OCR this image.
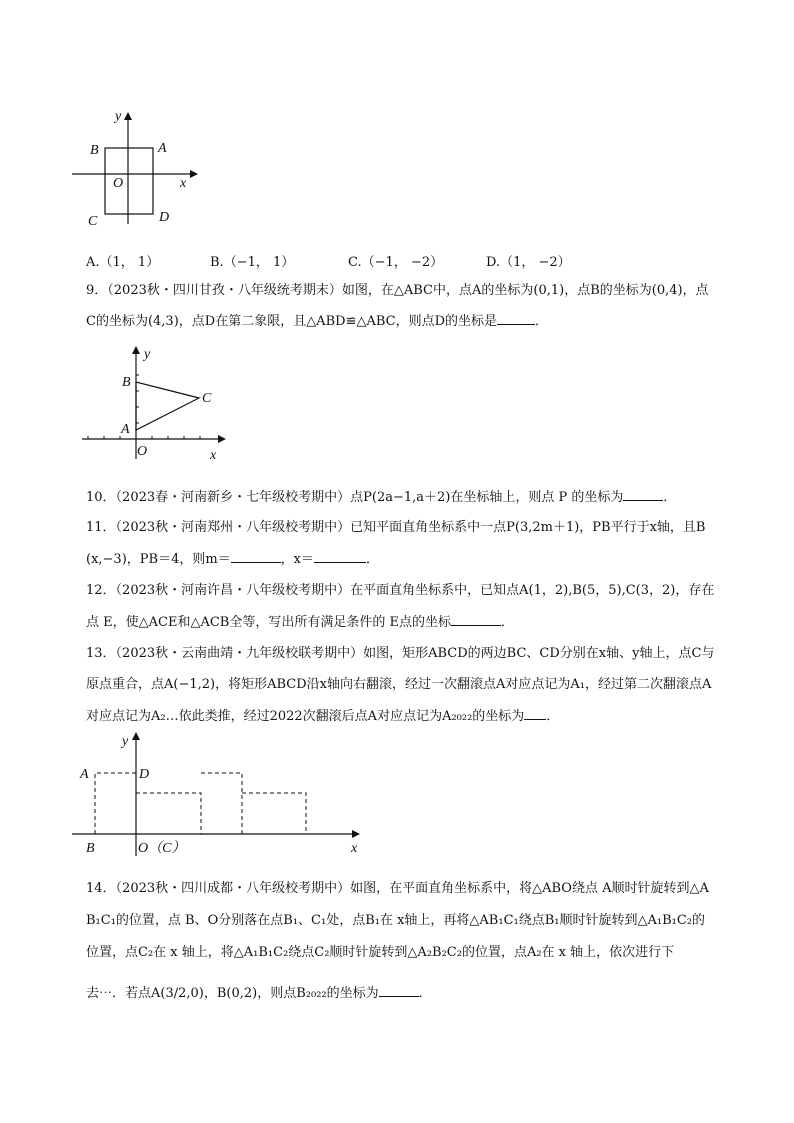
y
x
B	A
O
C	D
A.（1， 1）	B.（−1， 1）	C.（−1， −2）	D.（1， −2）
9．（2023秋・四川甘孜・八年级统考期末）如图，在△ABC中，点A的坐标为(0,1)，点B的坐标为(0,4)，点
C的坐标为(4,3)，点D在第二象限，且△ABD≌△ABC，则点D的坐标是	．
y
B
C
A
O	x
10．（2023春・河南新乡・七年级校考期中）点P(2a−1,a＋2)在坐标轴上，则点 P 的坐标为	．
11．（2023秋・河南郑州・八年级校考期中）已知平面直角坐标系中一点P(3,2m＋1)，PB平行于x轴，且B
(x,−3)，PB＝4，则m＝	，x＝	．
12．（2023秋・河南许昌・八年级校考期中）在平面直角坐标系中，已知点A(1，2),B(5，5),C(3，2)，存在
点 E，使△ACE和△ACB全等，写出所有满足条件的 E点的坐标	．
13．（2023秋・云南曲靖・九年级校联考期中）如图，矩形ABCD的两边BC、CD分别在x轴、y轴上，点C与
原点重合，点A(−1,2)，将矩形ABCD沿x轴向右翻滚，经过一次翻滚点A对应点记为A₁，经过第二次翻滚点A
对应点记为A₂…依此类推，经过2022次翻滚后点A对应点记为A₂₀₂₂的坐标为 ．
y
A	D
B	O（C）	x
14．（2023秋・四川成都・八年级校考期中）如图，在平面直角坐标系中，将△ABO绕点 A顺时针旋转到△A
B₁C₁的位置，点 B、O分别落在点B₁、C₁处，点B₁在 x轴上，再将△AB₁C₁绕点B₁顺时针旋转到△A₁B₁C₂的
位置，点C₂在 x 轴上，将△A₁B₁C₂绕点C₂顺时针旋转到△A₂B₂C₂的位置，点A₂在 x 轴上，依次进行下
去⋯．若点A(3/2,0)，B(0,2)，则点B₂₀₂₂的坐标为	．
